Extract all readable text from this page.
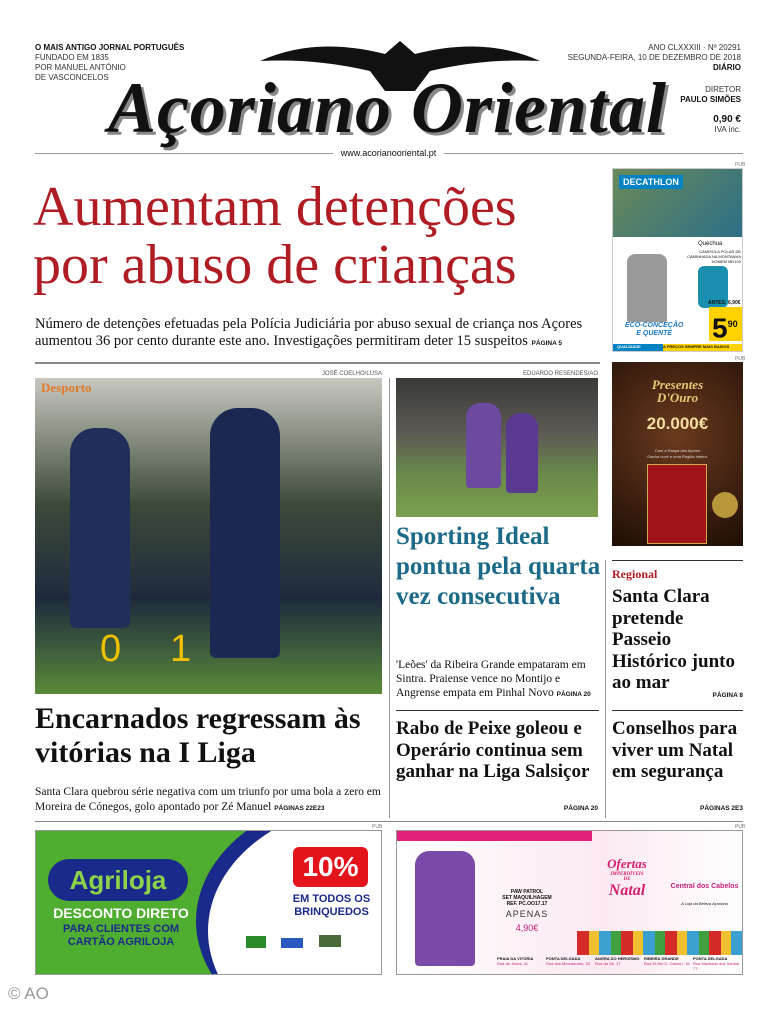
O MAIS ANTIGO JORNAL PORTUGUÊS
FUNDADO EM 1835
POR MANUEL ANTÓNIO
DE VASCONCELOS Açoriano Oriental
ANO CLXXXIII · Nº 20291
SEGUNDA-FEIRA, 10 DE DEZEMBRO DE 2018
DIÁRIO
DIRETOR
PAULO SIMÕES
0,90 €
IVA inc.
www.acorianooriental.pt
Aumentam detenções por abuso de crianças
Número de detenções efetuadas pela Polícia Judiciária por abuso sexual de criança nos Açores aumentou 36 por cento durante este ano. Investigações permitiram deter 15 suspeitos PÁGINA 5
PUB
DECATHLON
Quechua
CAMISOLA POLAR DE CAMINHADA NA MONTANHA HOMEM MH100
ANTES: 6,90€
$5^{90}$
ECO-CONCEÇÃO
E QUENTE
QUALIDADE	A PREÇOS SEMPRE MAIS BAIXOS
JOSÉ COELHO/LUSA
Desporto
0 1
Encarnados regressam às vitórias na I Liga
Santa Clara quebrou série negativa com um triunfo por uma bola a zero em Moreira de Cónegos, golo apontado por Zé Manuel PÁGINAS 22E23
EDUARDO RESENDES/AO
Sporting Ideal pontua pela quarta vez consecutiva
'Leões' da Ribeira Grande empataram em Sintra. Praiense vence no Montijo e Angrense empata em Pinhal Novo PÁGINA 20
Rabo de Peixe goleou e Operário continua sem ganhar na Liga Salsiçor
PÁGINA 20
PUB
Presentes
D'Ouro
20.000€
Com a Raspa dos Açores
Ganha você e uma Região inteira.
Regional
Santa Clara pretende Passeio Histórico junto ao mar
PÁGINA 8
Conselhos para viver um Natal em segurança
PÁGINAS 2E3
PUB
Agriloja
DESCONTO DIRETO
PARA CLIENTES COM
CARTÃO AGRILOJA
10%
EM TODOS OS
BRINQUEDOS
PUB
PAW PATROL
SET MAQUILHAGEM
REF. PC.OO17.17
APENAS
4,90€
Ofertas
IMPERDÍVEIS
DE
Natal	Central dos Cabelos
A Loja da Beleza Açoriana
PRAIA DA VITÓRIA
Rua de Jesus, 41
PONTA DELGADA
Rua dos Mercadores, 33
ANGRA DO HEROÍSMO
Rua da Sé, 17
RIBEIRA GRANDE
Rua El-Rei D. Carlos I, 61
PONTA DELGADA
Rua Machado dos Santos, 77
© AO
